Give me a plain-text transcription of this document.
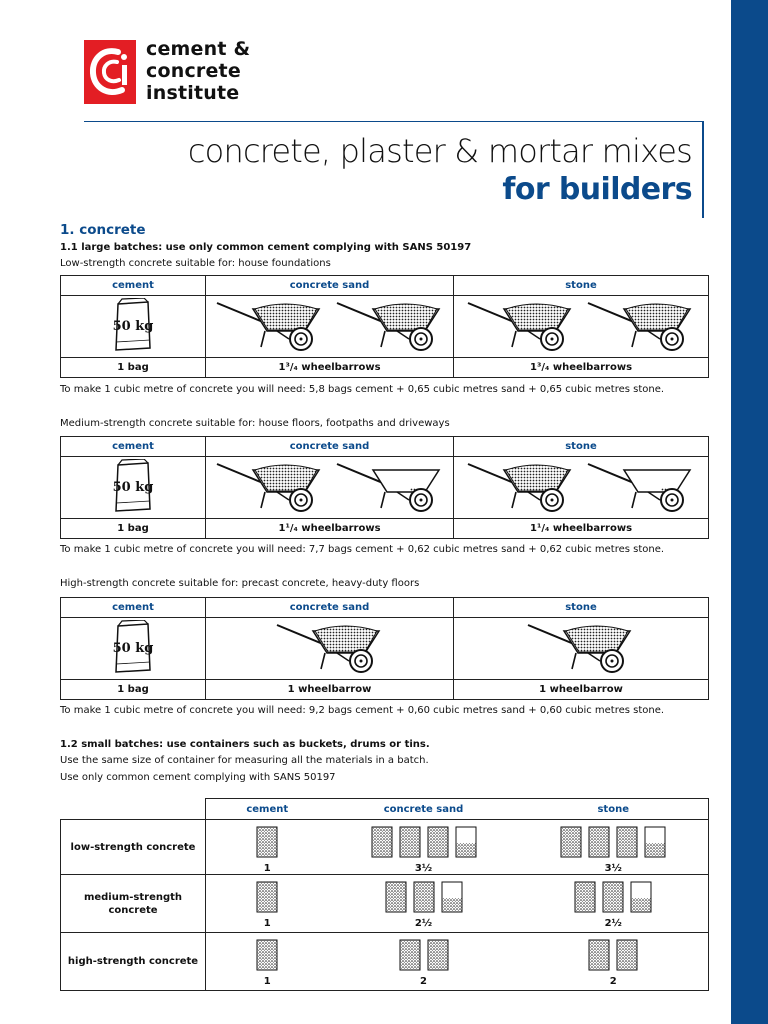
cement &
concrete
institute
concrete, plaster & mortar mixes
for builders
1. concrete
1.1 large batches: use only common cement complying with SANS 50197
Low-strength concrete suitable for: house foundations
cement	concrete sand	stone

50 kg

1 bag	1³/₄ wheelbarrows	1³/₄ wheelbarrows
To make 1 cubic metre of concrete you will need: 5,8 bags cement + 0,65 cubic metres sand + 0,65 cubic metres stone.
Medium-strength concrete suitable for: house floors, footpaths and driveways
cement	concrete sand	stone

50 kg

1 bag	1¹/₄ wheelbarrows	1¹/₄ wheelbarrows
To make 1 cubic metre of concrete you will need: 7,7 bags cement + 0,62 cubic metres sand + 0,62 cubic metres stone.
High-strength concrete suitable for: precast concrete, heavy-duty floors
cement	concrete sand	stone

50 kg

1 bag	1 wheelbarrow	1 wheelbarrow
To make 1 cubic metre of concrete you will need: 9,2 bags cement + 0,60 cubic metres sand + 0,60 cubic metres stone.
1.2 small batches: use containers such as buckets, drums or tins.
Use the same size of container for measuring all the materials in a batch.
Use only common cement complying with SANS 50197
	cement	concrete sand	stone
low-strength concrete	1	3½	3½

medium-strength concrete	1	2½	2½

high-strength concrete	1	2	2
